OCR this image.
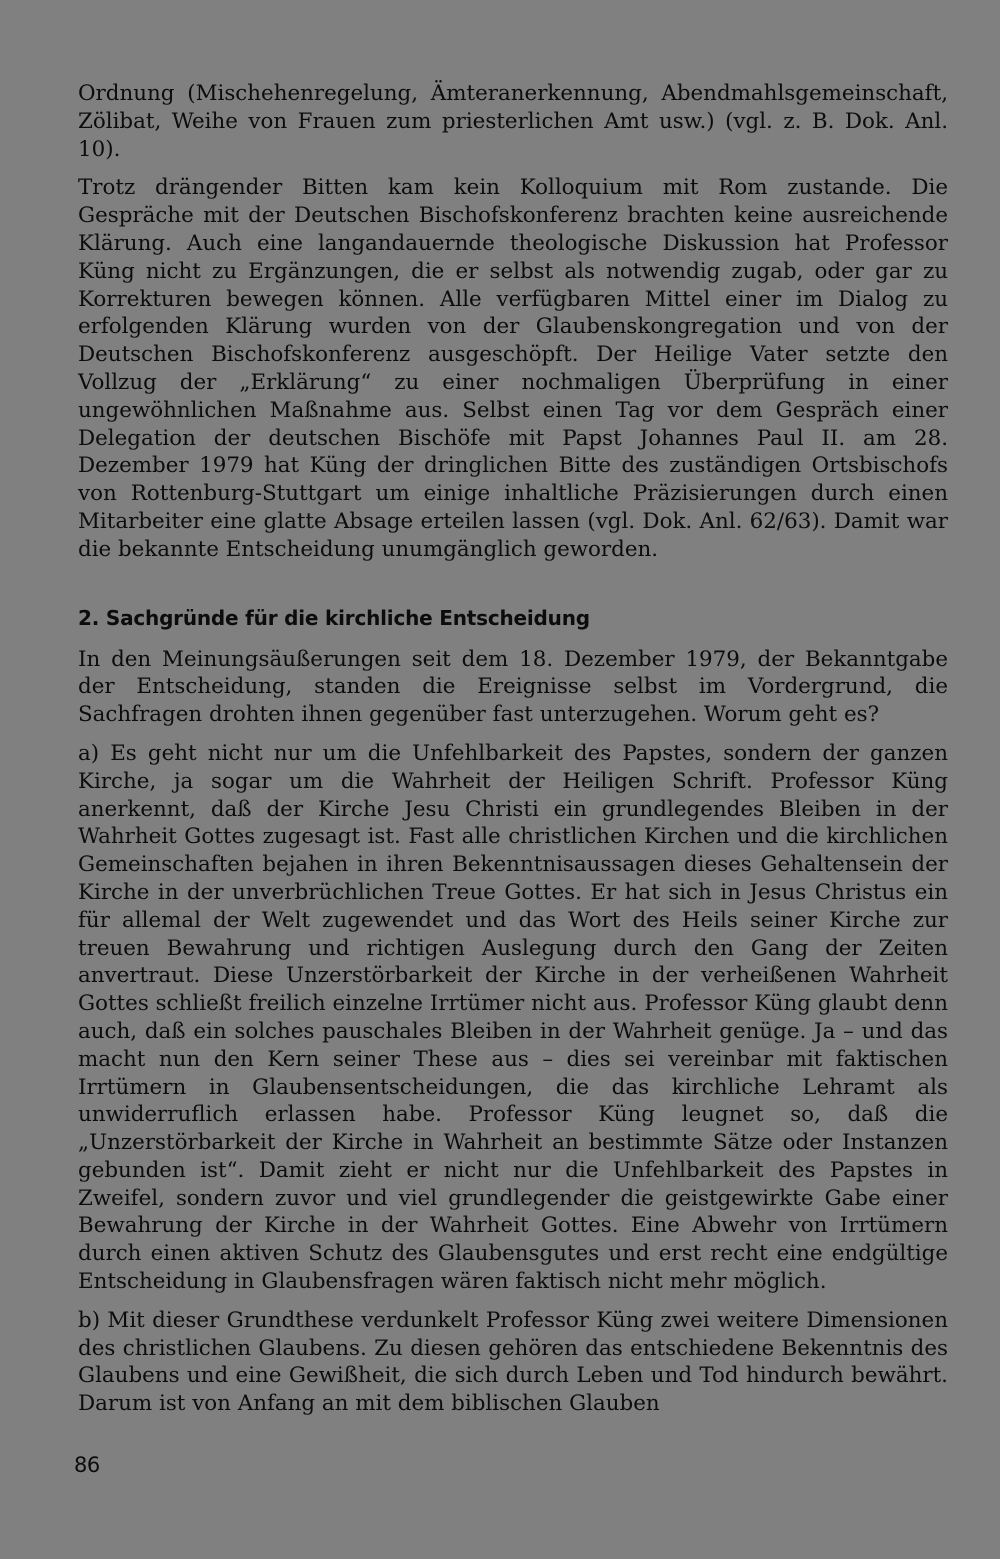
Ordnung (Mischehenregelung, Ämteranerkennung, Abendmahlsgemeinschaft, Zölibat, Weihe von Frauen zum priesterlichen Amt usw.) (vgl. z. B. Dok. Anl. 10).

Trotz drängender Bitten kam kein Kolloquium mit Rom zustande. Die Gespräche mit der Deutschen Bischofskonferenz brachten keine ausreichende Klärung. Auch eine langandauernde theologische Diskussion hat Professor Küng nicht zu Ergänzungen, die er selbst als notwendig zugab, oder gar zu Korrekturen bewegen können. Alle verfügbaren Mittel einer im Dialog zu erfolgenden Klärung wurden von der Glaubenskongregation und von der Deutschen Bischofskonferenz ausgeschöpft. Der Heilige Vater setzte den Vollzug der „Erklärung“ zu einer nochmaligen Überprüfung in einer ungewöhnlichen Maßnahme aus. Selbst einen Tag vor dem Gespräch einer Delegation der deutschen Bischöfe mit Papst Johannes Paul II. am 28. Dezember 1979 hat Küng der dringlichen Bitte des zuständigen Ortsbischofs von Rottenburg-Stuttgart um einige inhaltliche Präzisierungen durch einen Mitarbeiter eine glatte Absage erteilen lassen (vgl. Dok. Anl. 62/63). Damit war die bekannte Entscheidung unumgänglich geworden.

2. Sachgründe für die kirchliche Entscheidung

In den Meinungsäußerungen seit dem 18. Dezember 1979, der Bekanntgabe der Entscheidung, standen die Ereignisse selbst im Vordergrund, die Sachfragen drohten ihnen gegenüber fast unterzugehen. Worum geht es?

a) Es geht nicht nur um die Unfehlbarkeit des Papstes, sondern der ganzen Kirche, ja sogar um die Wahrheit der Heiligen Schrift. Professor Küng anerkennt, daß der Kirche Jesu Christi ein grundlegendes Bleiben in der Wahrheit Gottes zugesagt ist. Fast alle christlichen Kirchen und die kirchlichen Gemeinschaften bejahen in ihren Bekenntnisaussagen dieses Gehaltensein der Kirche in der unverbrüchlichen Treue Gottes. Er hat sich in Jesus Christus ein für allemal der Welt zugewendet und das Wort des Heils seiner Kirche zur treuen Bewahrung und richtigen Auslegung durch den Gang der Zeiten anvertraut. Diese Unzerstörbarkeit der Kirche in der verheißenen Wahrheit Gottes schließt freilich einzelne Irrtümer nicht aus. Professor Küng glaubt denn auch, daß ein solches pauschales Bleiben in der Wahrheit genüge. Ja – und das macht nun den Kern seiner These aus – dies sei vereinbar mit faktischen Irrtümern in Glaubensentscheidungen, die das kirchliche Lehramt als unwiderruflich erlassen habe. Professor Küng leugnet so, daß die „Unzerstörbarkeit der Kirche in Wahrheit an bestimmte Sätze oder Instanzen gebunden ist“. Damit zieht er nicht nur die Unfehlbarkeit des Papstes in Zweifel, sondern zuvor und viel grundlegender die geistgewirkte Gabe einer Bewahrung der Kirche in der Wahrheit Gottes. Eine Abwehr von Irrtümern durch einen aktiven Schutz des Glaubensgutes und erst recht eine endgültige Entscheidung in Glaubensfragen wären faktisch nicht mehr möglich.

b) Mit dieser Grundthese verdunkelt Professor Küng zwei weitere Dimensionen des christlichen Glaubens. Zu diesen gehören das entschiedene Bekenntnis des Glaubens und eine Gewißheit, die sich durch Leben und Tod hindurch bewährt. Darum ist von Anfang an mit dem biblischen Glauben

86
